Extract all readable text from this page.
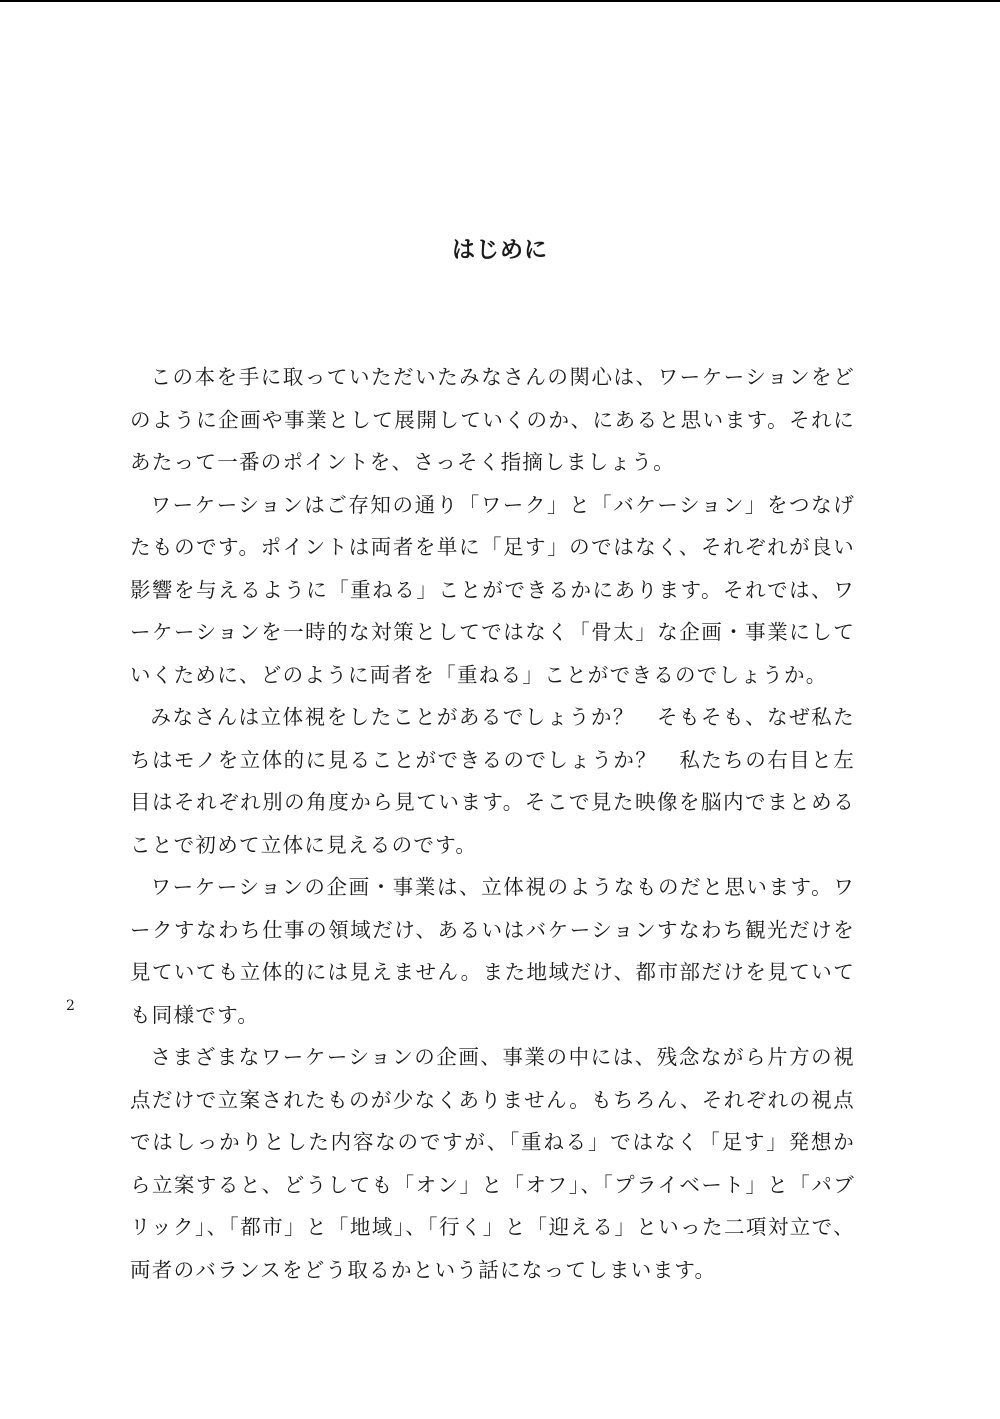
はじめに

この本を手に取っていただいたみなさんの関心は、ワーケーションをどのように企画や事業として展開していくのか、にあると思います。それにあたって一番のポイントを、さっそく指摘しましょう。

ワーケーションはご存知の通り「ワーク」と「バケーション」をつなげたものです。ポイントは両者を単に「足す」のではなく、それぞれが良い影響を与えるように「重ねる」ことができるかにあります。それでは、ワーケーションを一時的な対策としてではなく「骨太」な企画・事業にしていくために、どのように両者を「重ねる」ことができるのでしょうか。

みなさんは立体視をしたことがあるでしょうか？　そもそも、なぜ私たちはモノを立体的に見ることができるのでしょうか？　私たちの右目と左目はそれぞれ別の角度から見ています。そこで見た映像を脳内でまとめることで初めて立体に見えるのです。

ワーケーションの企画・事業は、立体視のようなものだと思います。ワークすなわち仕事の領域だけ、あるいはバケーションすなわち観光だけを見ていても立体的には見えません。また地域だけ、都市部だけを見ていても同様です。

さまざまなワーケーションの企画、事業の中には、残念ながら片方の視点だけで立案されたものが少なくありません。もちろん、それぞれの視点ではしっかりとした内容なのですが、「重ねる」ではなく「足す」発想から立案すると、どうしても「オン」と「オフ」、「プライベート」と「パブリック」、「都市」と「地域」、「行く」と「迎える」といった二項対立で、両者のバランスをどう取るかという話になってしまいます。

2
